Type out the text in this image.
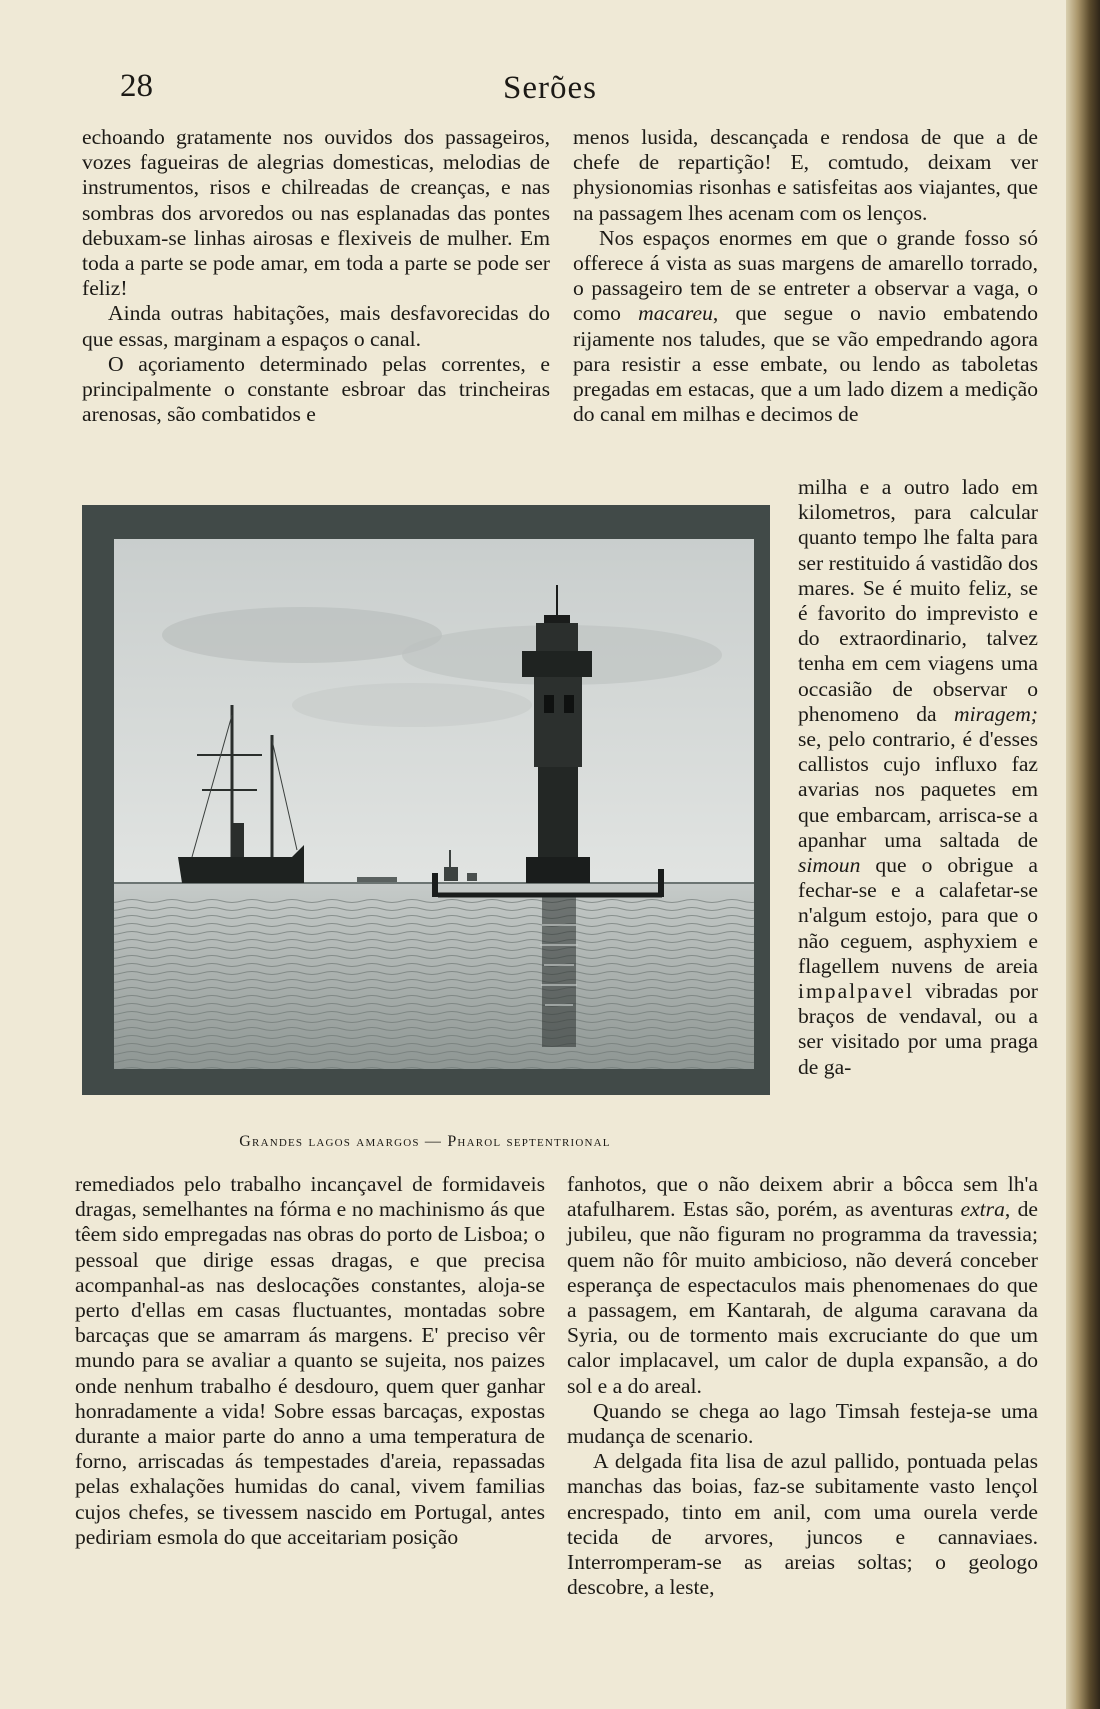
28	Serões

echoando gratamente nos ouvidos dos passageiros, vozes fagueiras de alegrias domesticas, melodias de instrumentos, risos e chilreadas de creanças, e nas sombras dos arvoredos ou nas esplanadas das pontes debuxam-se linhas airosas e flexiveis de mulher. Em toda a parte se pode amar, em toda a parte se pode ser feliz!

Ainda outras habitações, mais desfavorecidas do que essas, marginam a espaços o canal.

O açoriamento determinado pelas correntes, e principalmente o constante esbroar das trincheiras arenosas, são combatidos e

menos lusida, descançada e rendosa de que a de chefe de repartição! E, comtudo, deixam ver physionomias risonhas e satisfeitas aos viajantes, que na passagem lhes acenam com os lenços.

Nos espaços enormes em que o grande fosso só offerece á vista as suas margens de amarello torrado, o passageiro tem de se entreter a observar a vaga, o como macareu, que segue o navio embatendo rijamente nos taludes, que se vão empedrando agora para resistir a esse embate, ou lendo as taboletas pregadas em estacas, que a um lado dizem a medição do canal em milhas e decimos de

milha e a outro lado em kilometros, para calcular quanto tempo lhe falta para ser restituido á vastidão dos mares. Se é muito feliz, se é favorito do imprevisto e do extraordinario, talvez tenha em cem viagens uma occasião de observar o phenomeno da miragem; se, pelo contrario, é d'esses callistos cujo influxo faz avarias nos paquetes em que embarcam, arrisca-se a apanhar uma saltada de simoun que o obrigue a fechar-se e a calafetar-se n'algum estojo, para que o não ceguem, asphyxiem e flagellem nuvens de areia impalpavel vibradas por braços de vendaval, ou a ser visitado por uma praga de ga-

Grandes lagos amargos — Pharol septentrional

remediados pelo trabalho incançavel de formidaveis dragas, semelhantes na fórma e no machinismo ás que têem sido empregadas nas obras do porto de Lisboa; o pessoal que dirige essas dragas, e que precisa acompanhal-as nas deslocações constantes, aloja-se perto d'ellas em casas fluctuantes, montadas sobre barcaças que se amarram ás margens. E' preciso vêr mundo para se avaliar a quanto se sujeita, nos paizes onde nenhum trabalho é desdouro, quem quer ganhar honradamente a vida! Sobre essas barcaças, expostas durante a maior parte do anno a uma temperatura de forno, arriscadas ás tempestades d'areia, repassadas pelas exhalações humidas do canal, vivem familias cujos chefes, se tivessem nascido em Portugal, antes pediriam esmola do que acceitariam posição

fanhotos, que o não deixem abrir a bôcca sem lh'a atafulharem. Estas são, porém, as aventuras extra, de jubileu, que não figuram no programma da travessia; quem não fôr muito ambicioso, não deverá conceber esperança de espectaculos mais phenomenaes do que a passagem, em Kantarah, de alguma caravana da Syria, ou de tormento mais excruciante do que um calor implacavel, um calor de dupla expansão, a do sol e a do areal.

Quando se chega ao lago Timsah festeja-se uma mudança de scenario.

A delgada fita lisa de azul pallido, pontuada pelas manchas das boias, faz-se subitamente vasto lençol encrespado, tinto em anil, com uma ourela verde tecida de arvores, juncos e cannaviaes. Interromperam-se as areias soltas; o geologo descobre, a leste,
